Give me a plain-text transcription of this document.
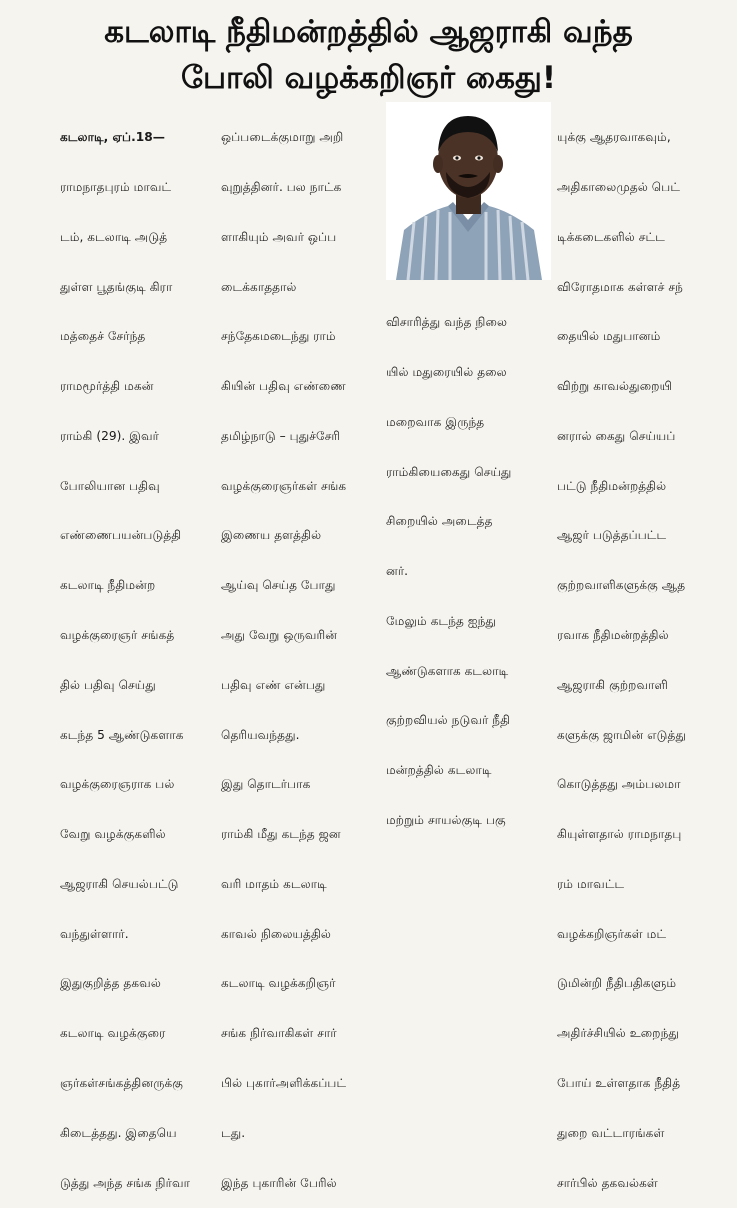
கடலாடி நீதிமன்றத்தில் ஆஜராகி வந்த
போலி வழக்கறிஞர் கைது!

கடலாடி, ஏப்.18—

ராமநாதபுரம் மாவட்

டம், கடலாடி அடுத்

துள்ள பூதங்குடி கிரா

மத்தைச் சேர்ந்த

ராமமூர்த்தி மகன்

ராம்கி (29). இவர்

போலியான பதிவு

எண்ணைபயன்படுத்தி

கடலாடி நீதிமன்ற

வழக்குரைஞர் சங்கத்

தில் பதிவு செய்து

கடந்த 5 ஆண்டுகளாக

வழக்குரைஞராக பல்

வேறு வழக்குகளில்

ஆஜராகி செயல்பட்டு

வந்துள்ளார்.

இதுகுறித்த தகவல்

கடலாடி வழக்குரை

ஞர்கள்சங்கத்தினருக்கு

கிடைத்தது. இதையெ

டுத்து அந்த சங்க நிர்வா

ஒப்படைக்குமாறு அறி

வுறுத்தினர். பல நாட்க

ளாகியும் அவர் ஒப்ப

டைக்காததால்

சந்தேகமடைந்து ராம்

கியின் பதிவு எண்ணை

தமிழ்நாடு – புதுச்சேரி

வழக்குரைஞர்கள் சங்க

இணைய தளத்தில்

ஆய்வு செய்த போது

அது வேறு ஒருவரின்

பதிவு எண் என்பது

தெரியவந்தது.

இது தொடர்பாக

ராம்கி மீது கடந்த ஜன

வரி மாதம் கடலாடி

காவல் நிலையத்தில்

கடலாடி வழக்கறிஞர்

சங்க நிர்வாகிகள் சார்

பில் புகார்அளிக்கப்பட்

டது.

இந்த புகாரின் பேரில்

விசாரித்து வந்த நிலை

யில் மதுரையில் தலை

மறைவாக இருந்த

ராம்கியைகைது செய்து

சிறையில் அடைத்த

னர்.

மேலும் கடந்த ஐந்து

ஆண்டுகளாக கடலாடி

குற்றவியல் நடுவர் நீதி

மன்றத்தில் கடலாடி

மற்றும் சாயல்குடி பகு

யுக்கு ஆதரவாகவும்,

அதிகாலைமுதல் பெட்

டிக்கடைகளில் சட்ட

விரோதமாக கள்ளச் சந்

தையில் மதுபானம்

விற்று காவல்துறையி

னரால் கைது செய்யப்

பட்டு நீதிமன்றத்தில்

ஆஜர் படுத்தப்பட்ட

குற்றவாளிகளுக்கு ஆத

ரவாக நீதிமன்றத்தில்

ஆஜராகி குற்றவாளி

களுக்கு ஜாமின் எடுத்து

கொடுத்தது அம்பலமா

கியுள்ளதால் ராமநாதபு

ரம் மாவட்ட

வழக்கறிஞர்கள் மட்

டுமின்றி நீதிபதிகளும்

அதிர்ச்சியில் உறைந்து

போய் உள்ளதாக நீதித்

துறை வட்டாரங்கள்

சார்பில் தகவல்கள்
